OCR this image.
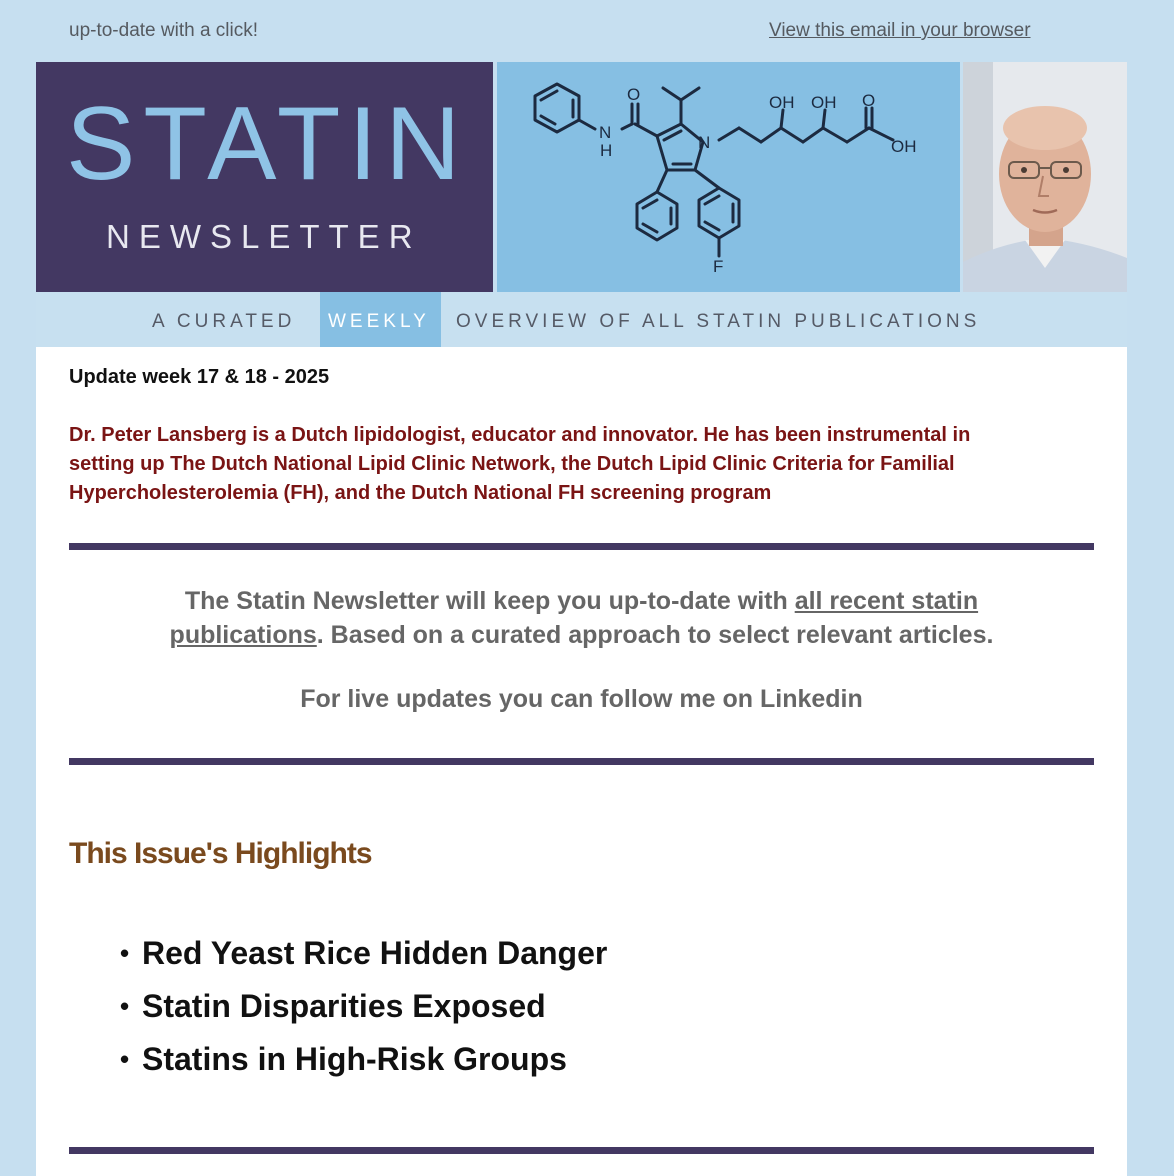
up-to-date with a click!	View this email in your browser
STATIN
NEWSLETTER
O
N
H	N
OH OH O
OH
F
A CURATED WEEKLY OVERVIEW OF ALL STATIN PUBLICATIONS
Update week 17 & 18 - 2025
Dr. Peter Lansberg is a Dutch lipidologist, educator and innovator. He has been instrumental in
setting up The Dutch National Lipid Clinic Network, the Dutch Lipid Clinic Criteria for Familial
Hypercholesterolemia (FH), and the Dutch National FH screening program
The Statin Newsletter will keep you up-to-date with all recent statin
publications. Based on a curated approach to select relevant articles.
For live updates you can follow me on Linkedin
This Issue's Highlights
• Red Yeast Rice Hidden Danger
• Statin Disparities Exposed
• Statins in High-Risk Groups
